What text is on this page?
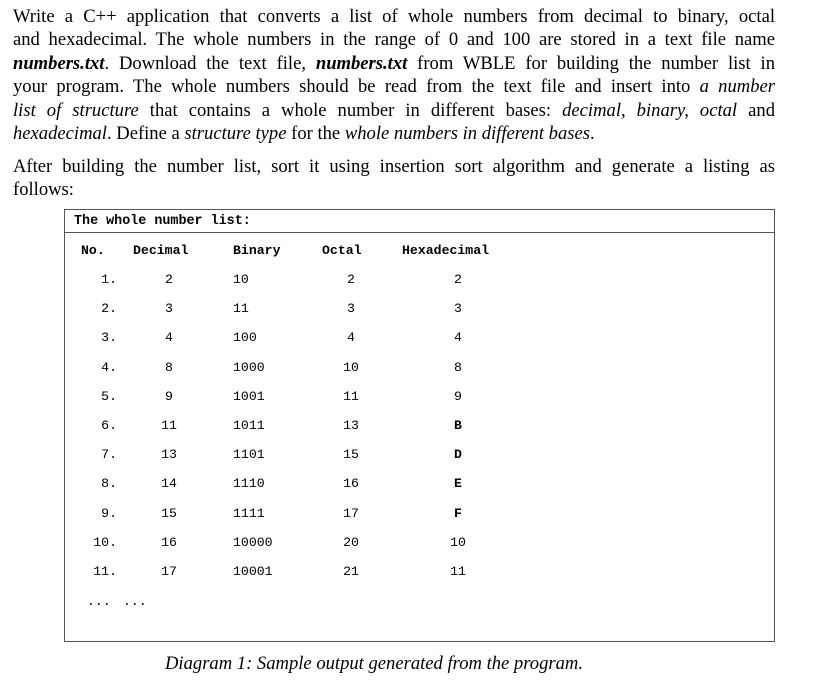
Write a C++ application that converts a list of whole numbers from decimal to binary, octal
and hexadecimal. The whole numbers in the range of 0 and 100 are stored in a text file name
numbers.txt. Download the text file, numbers.txt from WBLE for building the number list in
your program. The whole numbers should be read from the text file and insert into a number
list of structure that contains a whole number in different bases: decimal, binary, octal and
hexadecimal. Define a structure type for the whole numbers in different bases.
After building the number list, sort it using insertion sort algorithm and generate a listing as
follows:
No. Decimal	Binary	Octal	Hexadecimal
1.	2	10	2	2
2.	3	11	3	3
3.	4	100	4	4
4.	8	1000	10	8
5.	9	1001	11	9
6.	11	1011	13	B
7.	13	1101	15	D
8.	14	1110	16	E
9.	15	1111	17	F
10.	16	10000	20	10
11.	17	10001	21	11
... ...
The whole number list:
Diagram 1: Sample output generated from the program.
